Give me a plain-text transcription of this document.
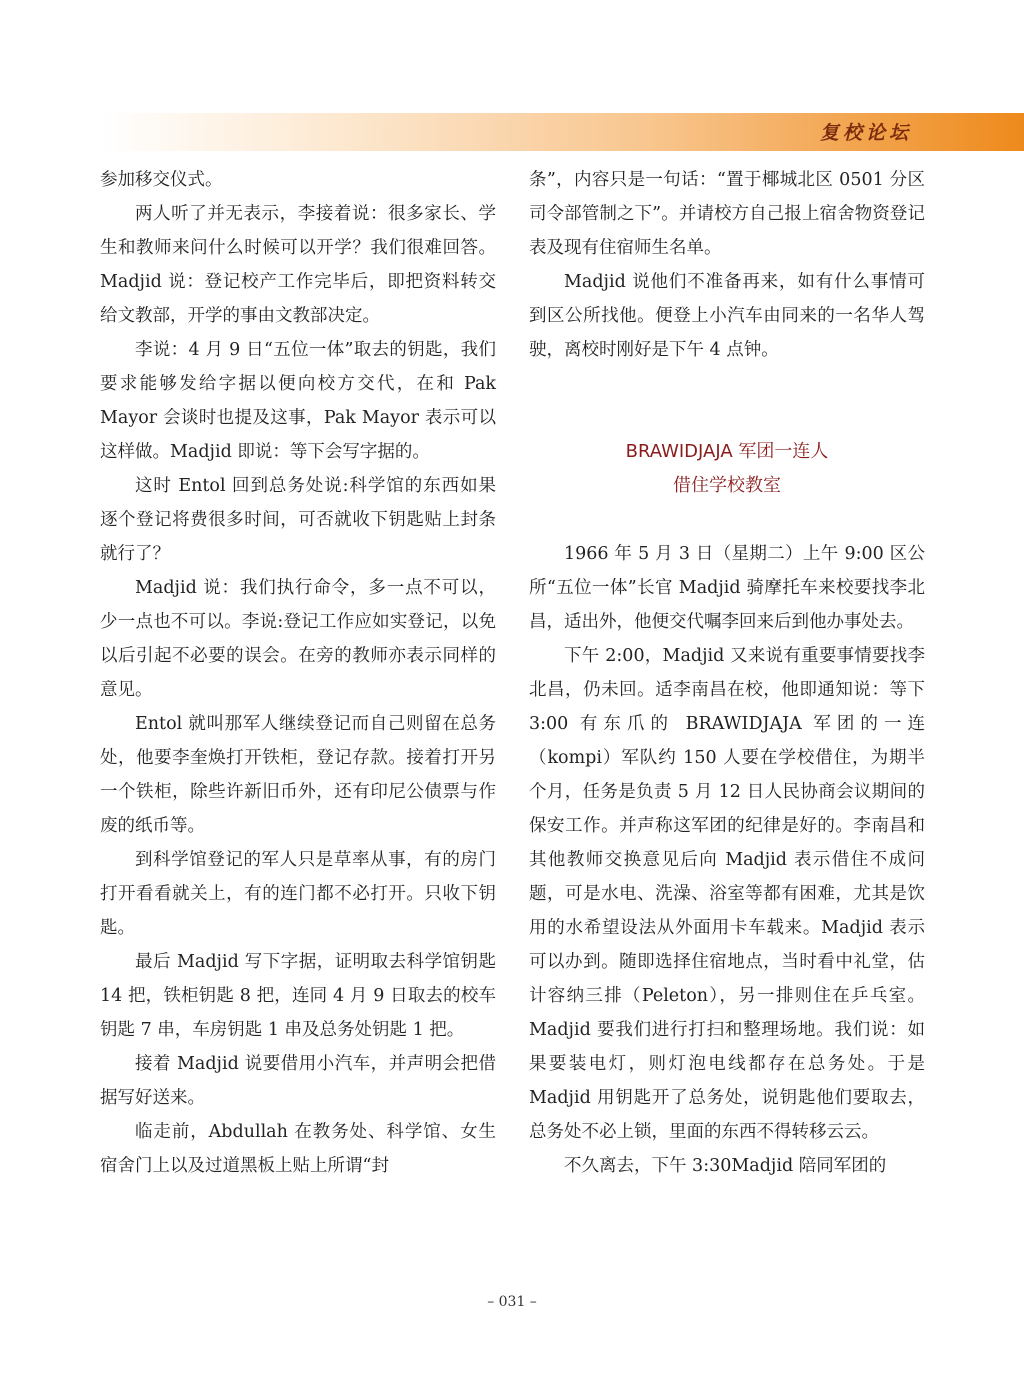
复校论坛

参加移交仪式。

两人听了并无表示，李接着说：很多家长、学生和教师来问什么时候可以开学？我们很难回答。Madjid 说：登记校产工作完毕后，即把资料转交给文教部，开学的事由文教部决定。

李说：4 月 9 日“五位一体”取去的钥匙，我们要求能够发给字据以便向校方交代，在和 Pak Mayor 会谈时也提及这事，Pak Mayor 表示可以这样做。Madjid 即说：等下会写字据的。

这时 Entol 回到总务处说:科学馆的东西如果逐个登记将费很多时间，可否就收下钥匙贴上封条就行了？

Madjid 说：我们执行命令，多一点不可以，少一点也不可以。李说:登记工作应如实登记，以免以后引起不必要的误会。在旁的教师亦表示同样的意见。

Entol 就叫那军人继续登记而自己则留在总务处，他要李奎焕打开铁柜，登记存款。接着打开另一个铁柜，除些许新旧币外，还有印尼公债票与作废的纸币等。

到科学馆登记的军人只是草率从事，有的房门打开看看就关上，有的连门都不必打开。只收下钥匙。

最后 Madjid 写下字据，证明取去科学馆钥匙 14 把，铁柜钥匙 8 把，连同 4 月 9 日取去的校车钥匙 7 串，车房钥匙 1 串及总务处钥匙 1 把。

接着 Madjid 说要借用小汽车，并声明会把借据写好送来。

临走前，Abdullah 在教务处、科学馆、女生宿舍门上以及过道黑板上贴上所谓“封

条”，内容只是一句话：“置于椰城北区 0501 分区司令部管制之下”。并请校方自己报上宿舍物资登记表及现有住宿师生名单。

Madjid 说他们不准备再来，如有什么事情可到区公所找他。便登上小汽车由同来的一名华人驾驶，离校时刚好是下午 4 点钟。

BRAWIDJAJA 军团一连人

借住学校教室

1966 年 5 月 3 日（星期二）上午 9:00 区公所“五位一体”长官 Madjid 骑摩托车来校要找李北昌，适出外，他便交代嘱李回来后到他办事处去。

下午 2:00，Madjid 又来说有重要事情要找李北昌，仍未回。适李南昌在校，他即通知说：等下 3:00 有东爪的 BRAWIDJAJA 军团的一连（kompi）军队约 150 人要在学校借住，为期半个月，任务是负责 5 月 12 日人民协商会议期间的保安工作。并声称这军团的纪律是好的。李南昌和其他教师交换意见后向 Madjid 表示借住不成问题，可是水电、洗澡、浴室等都有困难，尤其是饮用的水希望设法从外面用卡车载来。Madjid 表示可以办到。随即选择住宿地点，当时看中礼堂，估计容纳三排（Peleton），另一排则住在乒乓室。Madjid 要我们进行打扫和整理场地。我们说：如果要装电灯，则灯泡电线都存在总务处。于是 Madjid 用钥匙开了总务处，说钥匙他们要取去，总务处不必上锁，里面的东西不得转移云云。

不久离去，下午 3:30Madjid 陪同军团的

– 031 –
